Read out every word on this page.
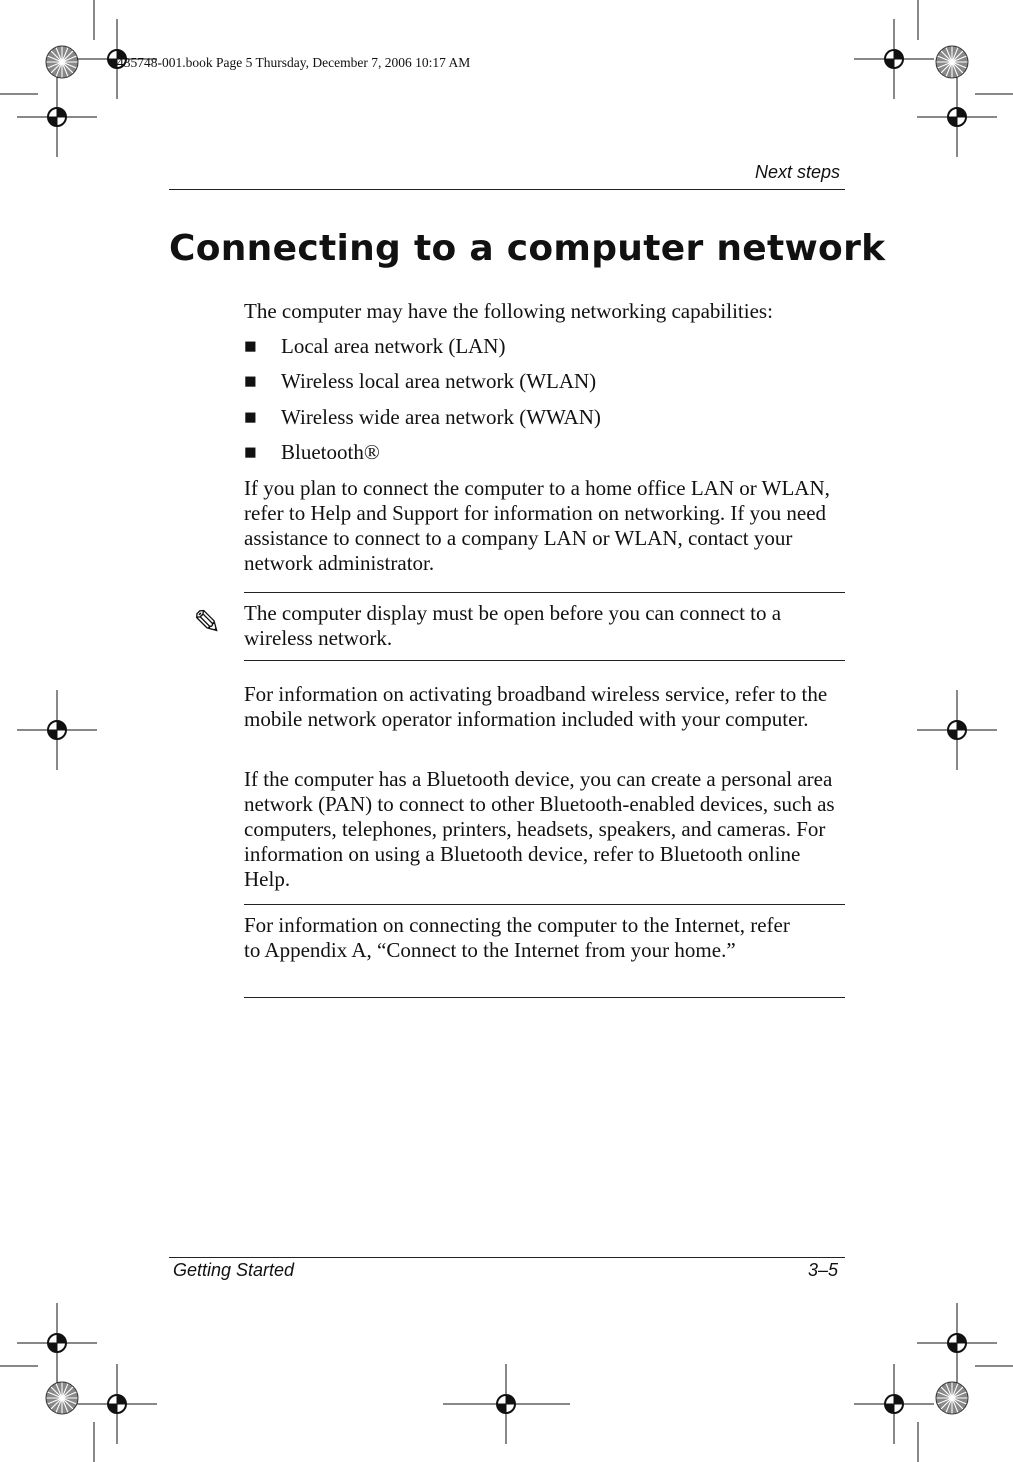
435748-001.book Page 5 Thursday, December 7, 2006 10:17 AM
Next steps
Connecting to a computer network
The computer may have the following networking capabilities:
■ Local area network (LAN)
■ Wireless local area network (WLAN)
■ Wireless wide area network (WWAN)
■ Bluetooth®
If you plan to connect the computer to a home office LAN or WLAN, refer to Help and Support for information on networking. If you need assistance to connect to a company LAN or WLAN, contact your network administrator.
✎ The computer display must be open before you can connect to a wireless network.
For information on activating broadband wireless service, refer to the mobile network operator information included with your computer.
If the computer has a Bluetooth device, you can create a personal area network (PAN) to connect to other Bluetooth-enabled devices, such as computers, telephones, printers, headsets, speakers, and cameras. For information on using a Bluetooth device, refer to Bluetooth online Help.
For information on connecting the computer to the Internet, refer to Appendix A, “Connect to the Internet from your home.”
Getting Started	3–5
